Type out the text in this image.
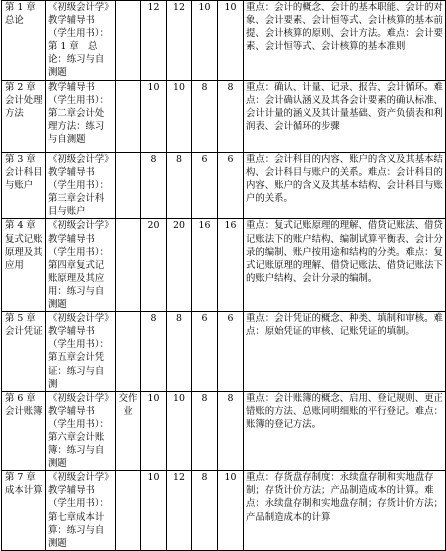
第 1 章 总论	《初级会计学》教学辅导书（学生用书）：第 1 章　总论：练习与自测题		12	12	10	10	重点：会计的概念、会计的基本职能、会计的对象、会计要素、会计恒等式、会计核算的基本前提、会计核算的原则、会计方法。难点：会计要素、会计恒等式、会计核算的基本准则
第 2 章 会计处理方法	教学辅导书（学生用书）：第二章会计处理方法：练习与自测题		10	10	8	8	重点：确认、计量、记录、报告、会计循环。难点：会计确认涵义及其各会计要素的确认标准、会计计量的涵义及其计量基础、资产负债表和利润表、会计循环的步骤
第 3 章 会计科目与账户	《初级会计学》教学辅导书（学生用书）：第三章会计科目与账户		8	8	6	6	重点：会计科目的内容、账户的含义及其基本结构、会计科目与账户的关系。难点：会计科目的内容、账户的含义及其基本结构、会计科目与账户的关系。
第 4 章 复式记账原理及其应用	《初级会计学》教学辅导书（学生用书）：第四章复式记账原理及其应用：练习与自测题		20	20	16	16	重点：复式记账原理的理解、借贷记账法、借贷记账法下的账户结构、编制试算平衡表、会计分录的编制、账户按用途和结构的分类。难点：复式记账原理的理解、借贷记账法、借贷记账法下的账户结构、会计分录的编制。
第 5 章 会计凭证	《初级会计学》教学辅导书（学生用书）：第五章会计凭证：练习与自测		8	8	6	6	重点：会计凭证的概念、种类、填制和审核。难点：原始凭证的审核、记账凭证的填制。
第 6 章 会计账簿	《初级会计学》教学辅导书（学生用书）：第六章会计账簿：练习与自测题	交作业	10	10	8	8	重点：会计账簿的概念、启用、登记规则、更正错账的方法、总账同明细账的平行登记。难点：账簿的登记方法。
第 7 章 成本计算	《初级会计学》教学辅导书（学生用书）：第七章成本计算：练习与自测题		10	12	8	10	重点：存货盘存制度：永续盘存制和实地盘存制；存货计价方法；产品制造成本的计算。难点：永续盘存制和实地盘存制；存货计价方法；产品制造成本的计算
